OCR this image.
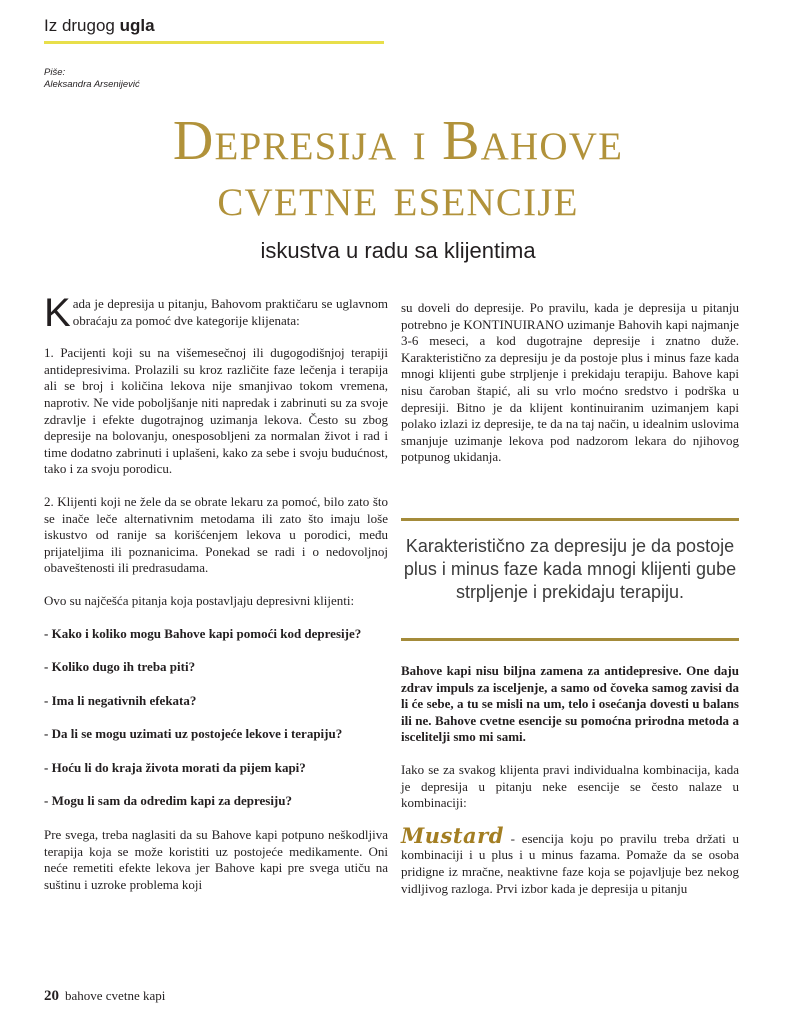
Iz drugog ugla
Piše:
Aleksandra Arsenijević
Depresija i Bahove
cvetne esencije
iskustva u radu sa klijentima

Kada je depresija u pitanju, Bahovom praktičaru se uglavnom obraćaju za pomoć dve kategorije klijenata:

1. Pacijenti koji su na višemesečnoj ili dugogodišnjoj terapiji antidepresivima. Prolazili su kroz različite faze lečenja i terapija ali se broj i količina lekova nije smanjivao tokom vremena, naprotiv. Ne vide poboljšanje niti napredak i zabrinuti su za svoje zdravlje i efekte dugotrajnog uzimanja lekova. Često su zbog depresije na bolovanju, onesposobljeni za normalan život i rad i time dodatno zabrinuti i uplašeni, kako za sebe i svoju budućnost, tako i za svoju porodicu.

2. Klijenti koji ne žele da se obrate lekaru za pomoć, bilo zato što se inače leče alternativnim metodama ili zato što imaju loše iskustvo od ranije sa korišćenjem lekova u porodici, među prijateljima ili poznanicima. Ponekad se radi i o nedovoljnoj obaveštenosti ili predrasudama.

Ovo su najčešća pitanja koja postavljaju depresivni klijenti:

- Kako i koliko mogu Bahove kapi pomoći kod depresije?
- Koliko dugo ih treba piti?
- Ima li negativnih efekata?
- Da li se mogu uzimati uz postojeće lekove i terapiju?
- Hoću li do kraja života morati da pijem kapi?
- Mogu li sam da odredim kapi za depresiju?

Pre svega, treba naglasiti da su Bahove kapi potpuno neškodljiva terapija koja se može koristiti uz postojeće medikamente. Oni neće remetiti efekte lekova jer Bahove kapi pre svega utiču na suštinu i uzroke problema koji

su doveli do depresije. Po pravilu, kada je depresija u pitanju potrebno je KONTINUIRANO uzimanje Bahovih kapi najmanje 3-6 meseci, a kod dugotrajne depresije i znatno duže. Karakteristično za depresiju je da postoje plus i minus faze kada mnogi klijenti gube strpljenje i prekidaju terapiju. Bahove kapi nisu čaroban štapić, ali su vrlo moćno sredstvo i podrška u depresiji. Bitno je da klijent kontinuiranim uzimanjem kapi polako izlazi iz depresije, te da na taj način, u idealnim uslovima smanjuje uzimanje lekova pod nadzorom lekara do njihovog potpunog ukidanja.

Karakteristično za depresiju je da postoje plus i minus faze kada mnogi klijenti gube strpljenje i prekidaju terapiju.

Bahove kapi nisu biljna zamena za antidepresive. One daju zdrav impuls za isceljenje, a samo od čoveka samog zavisi da li će sebe, a tu se misli na um, telo i osećanja dovesti u balans ili ne. Bahove cvetne esencije su pomoćna prirodna metoda a iscelitelji smo mi sami.

Iako se za svakog klijenta pravi individualna kombinacija, kada je depresija u pitanju neke esencije se često nalaze u kombinaciji:

Mustard - esencija koju po pravilu treba držati u kombinaciji i u plus i u minus fazama. Pomaže da se osoba pridigne iz mračne, neaktivne faze koja se pojavljuje bez nekog vidljivog razloga. Prvi izbor kada je depresija u pitanju

20 bahove cvetne kapi
